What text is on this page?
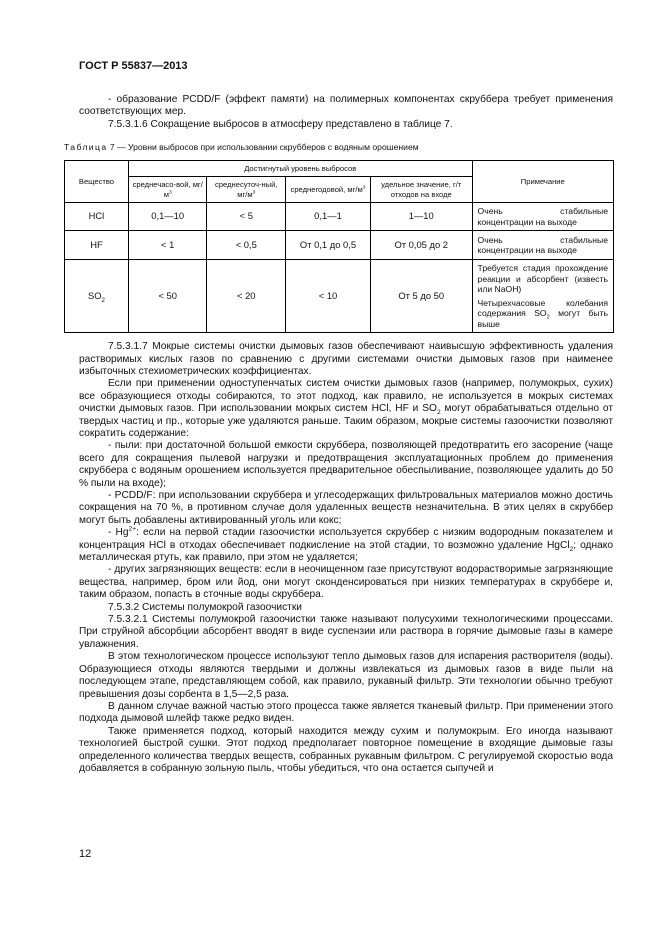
ГОСТ Р 55837—2013

- образование PCDD/F (эффект памяти) на полимерных компонентах скруббера требует применения соответствующих мер.

7.5.3.1.6 Сокращение выбросов в атмосферу представлено в таблице 7.

Таблица 7 — Уровни выбросов при использовании скрубберов с водяным орошением
Вещество	Достигнутый уровень выбросов				Примечание
	среднечасо-вой, $мг/м^3$	среднесуточ-ный, $мг/м^3$	среднегодовой, $мг/м^3$	удельное значение, г/т отходов на входе	
HCl	0,1—10	< 5	0,1—1	1—10	Очень стабильные концентрации на выходе

HF	< 1	< 0,5	От 0,1 до 0,5	От 0,05 до 2	Очень стабильные концентрации на выходе

$SO_2$	< 50	< 20	< 10	От 5 до 50	Требуется стадия прохождение реакции и абсорбент (известь или NaOH)
Четырехчасовые колебания содержания $SO_2$ могут быть выше

7.5.3.1.7 Мокрые системы очистки дымовых газов обеспечивают наивысшую эффективность удаления растворимых кислых газов по сравнению с другими системами очистки дымовых газов при наименее избыточных стехиометрических коэффициентах.

Если при применении одноступенчатых систем очистки дымовых газов (например, полумокрых, сухих) все образующиеся отходы собираются, то этот подход, как правило, не используется в мокрых системах очистки дымовых газов. При использовании мокрых систем HCl, HF и $SO_2$ могут обрабатываться отдельно от твердых частиц и пр., которые уже удаляются раньше. Таким образом, мокрые системы газоочистки позволяют сократить содержание:

- пыли: при достаточной большой емкости скруббера, позволяющей предотвратить его засорение (чаще всего для сокращения пылевой нагрузки и предотвращения эксплуатационных проблем до применения скруббера с водяным орошением используется предварительное обеспыливание, позволяющее удалить до 50 % пыли на входе);

- PCDD/F: при использовании скруббера и углесодержащих фильтровальных материалов можно достичь сокращения на 70 %, в противном случае доля удаленных веществ незначительна. В этих целях в скруббер могут быть добавлены активированный уголь или кокс;

- $Hg^{2+}$: если на первой стадии газоочистки используется скруббер с низким водородным показателем и концентрация HCl в отходах обеспечивает подкисление на этой стадии, то возможно удаление HgCl$_2$; однако металлическая ртуть, как правило, при этом не удаляется;

- других загрязняющих веществ: если в неочищенном газе присутствуют водорастворимые загрязняющие вещества, например, бром или йод, они могут сконденсироваться при низких температурах в скруббере и, таким образом, попасть в сточные воды скруббера.

7.5.3.2 Системы полумокрой газоочистки

7.5.3.2.1 Системы полумокрой газоочистки также называют полусухими технологическими процессами. При струйной абсорбции абсорбент вводят в виде суспензии или раствора в горячие дымовые газы в камере увлажнения.

В этом технологическом процессе используют тепло дымовых газов для испарения растворителя (воды). Образующиеся отходы являются твердыми и должны извлекаться из дымовых газов в виде пыли на последующем этапе, представляющем собой, как правило, рукавный фильтр. Эти технологии обычно требуют превышения дозы сорбента в 1,5—2,5 раза.

В данном случае важной частью этого процесса также является тканевый фильтр. При применении этого подхода дымовой шлейф также редко виден.

Также применяется подход, который находится между сухим и полумокрым. Его иногда называют технологией быстрой сушки. Этот подход предполагает повторное помещение в входящие дымовые газы определенного количества твердых веществ, собранных рукавным фильтром. С регулируемой скоростью вода добавляется в собранную зольную пыль, чтобы убедиться, что она остается сыпучей и

12
